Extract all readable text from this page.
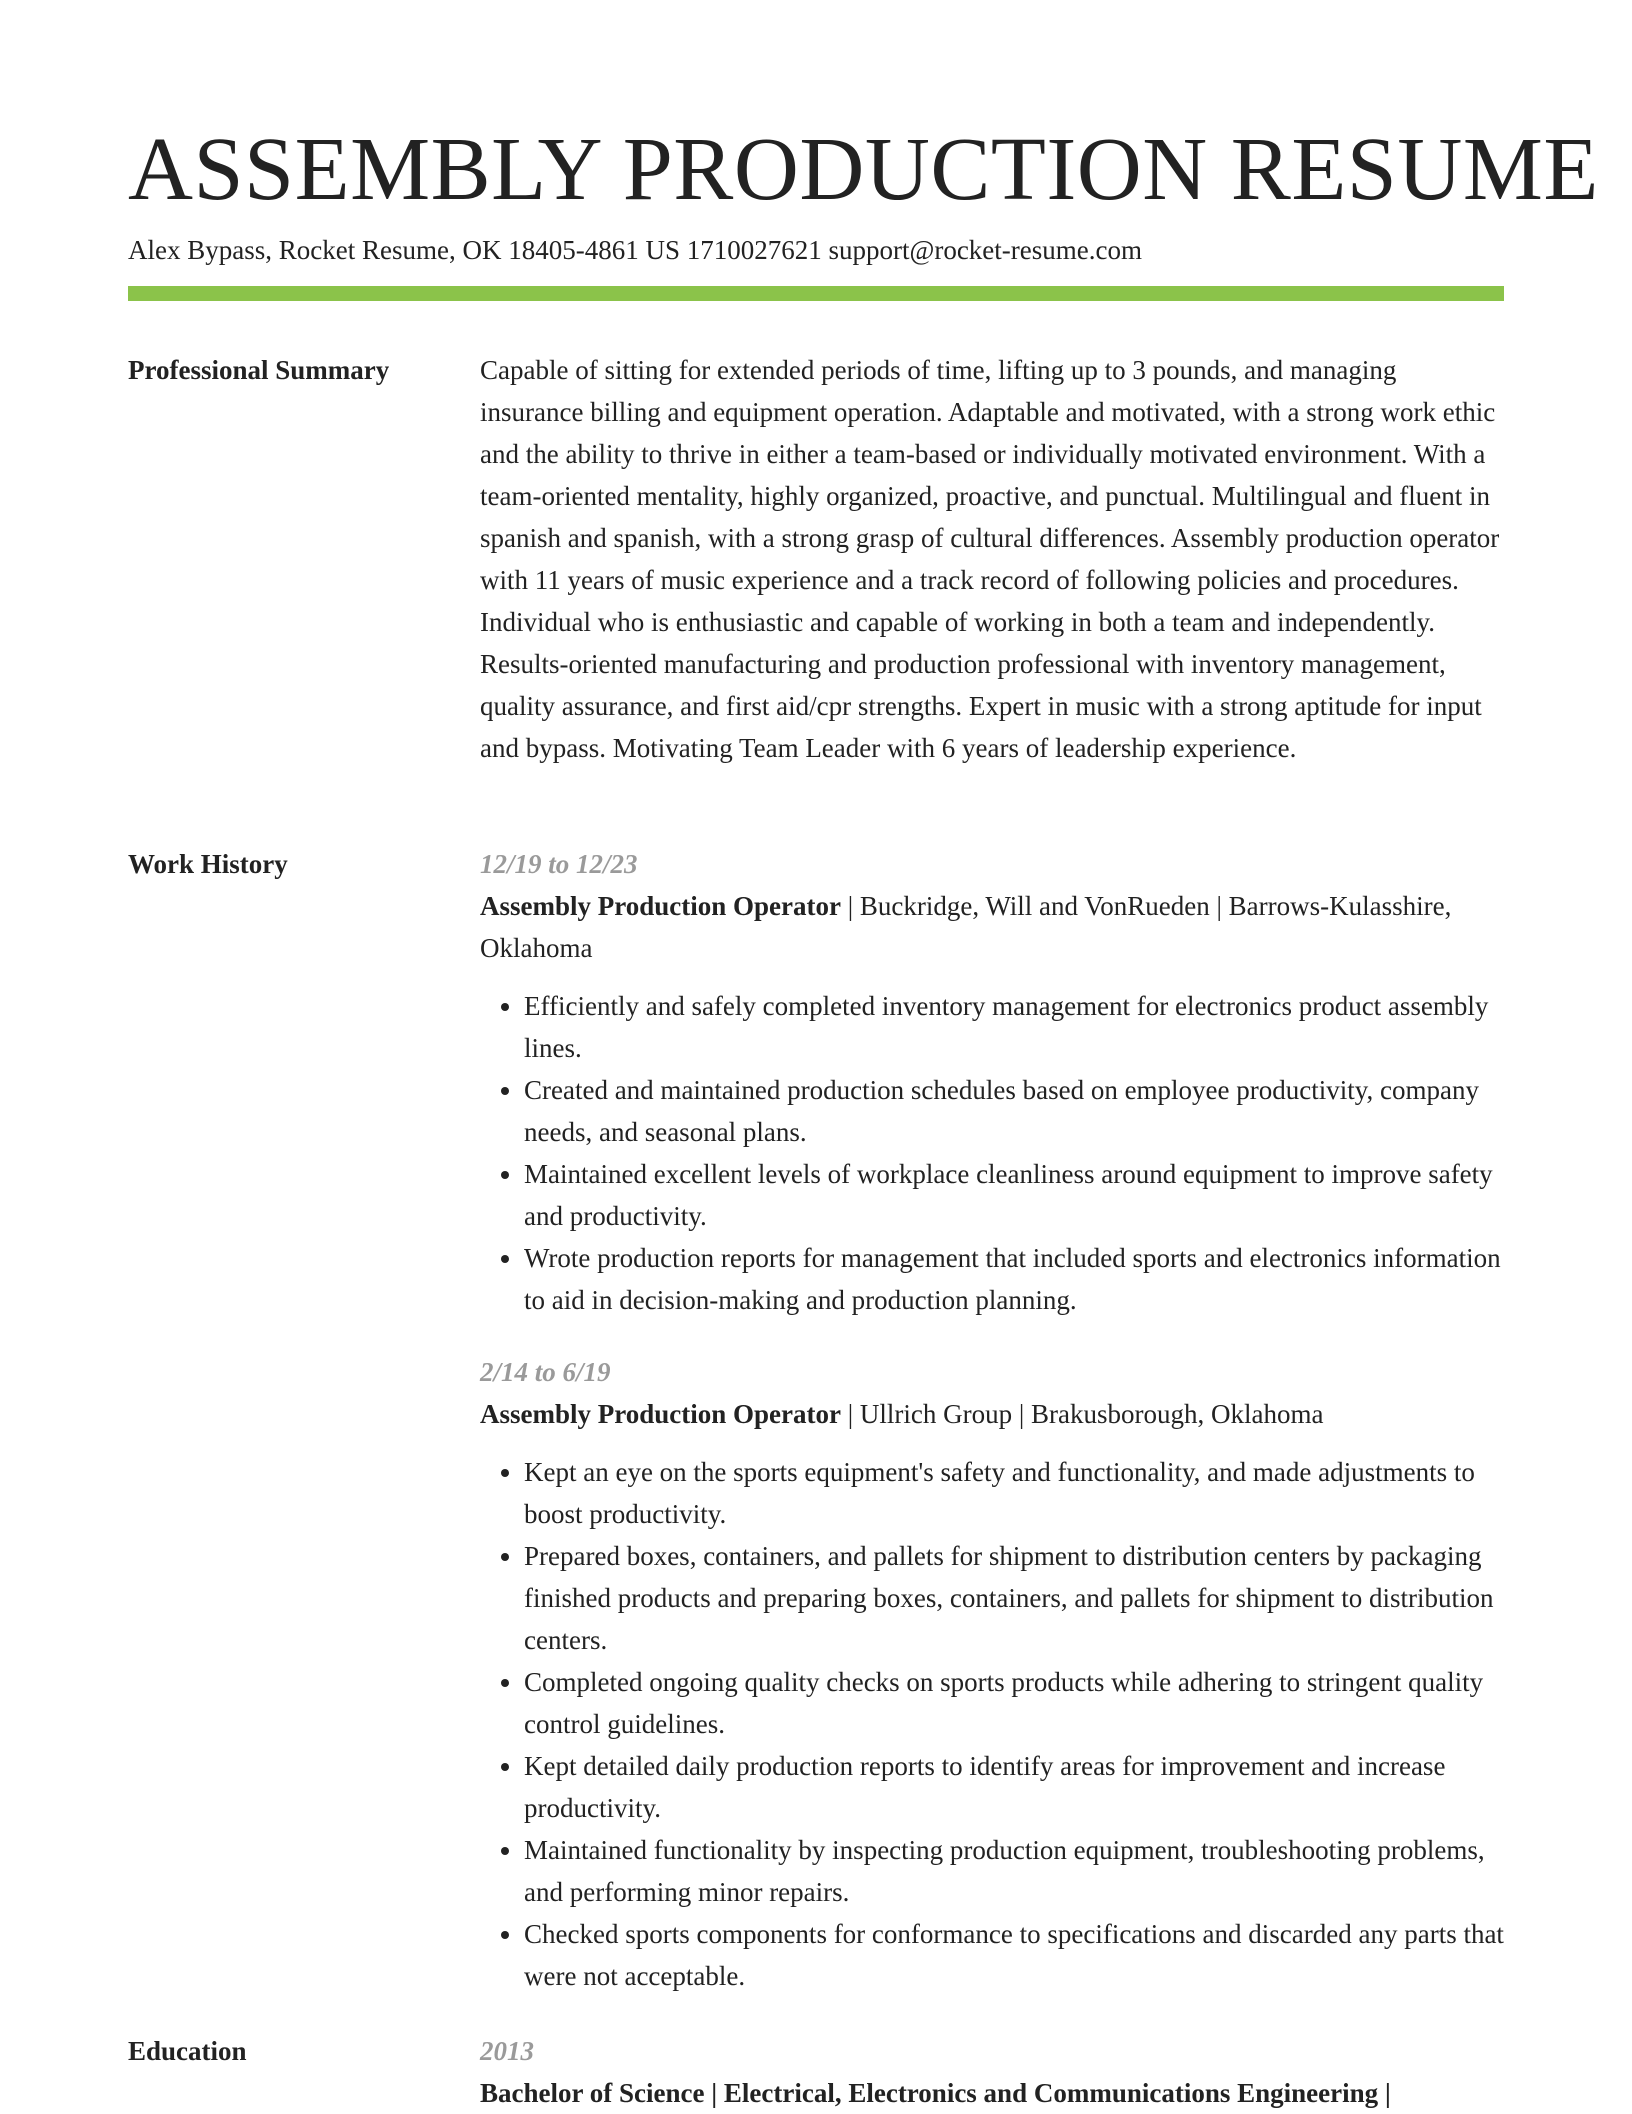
ASSEMBLY PRODUCTION RESUME
Alex Bypass, Rocket Resume, OK 18405-4861 US 1710027621 support@rocket-resume.com
Professional Summary	Capable of sitting for extended periods of time, lifting up to 3 pounds, and managing insurance billing and equipment operation. Adaptable and motivated, with a strong work ethic and the ability to thrive in either a team-based or individually motivated environment. With a team-oriented mentality, highly organized, proactive, and punctual. Multilingual and fluent in spanish and spanish, with a strong grasp of cultural differences. Assembly production operator with 11 years of music experience and a track record of following policies and procedures. Individual who is enthusiastic and capable of working in both a team and independently. Results-oriented manufacturing and production professional with inventory management, quality assurance, and first aid/cpr strengths. Expert in music with a strong aptitude for input and bypass. Motivating Team Leader with 6 years of leadership experience.

Work History	12/19 to 12/23

Assembly Production Operator | Buckridge, Will and VonRueden | Barrows-Kulasshire, Oklahoma

• Efficiently and safely completed inventory management for electronics product assembly lines.
• Created and maintained production schedules based on employee productivity, company needs, and seasonal plans.
• Maintained excellent levels of workplace cleanliness around equipment to improve safety and productivity.
• Wrote production reports for management that included sports and electronics information to aid in decision-making and production planning.
2/14 to 6/19

Assembly Production Operator | Ullrich Group | Brakusborough, Oklahoma

• Kept an eye on the sports equipment's safety and functionality, and made adjustments to boost productivity.
• Prepared boxes, containers, and pallets for shipment to distribution centers by packaging finished products and preparing boxes, containers, and pallets for shipment to distribution centers.
• Completed ongoing quality checks on sports products while adhering to stringent quality control guidelines.
• Kept detailed daily production reports to identify areas for improvement and increase productivity.
• Maintained functionality by inspecting production equipment, troubleshooting problems, and performing minor repairs.
• Checked sports components for conformance to specifications and discarded any parts that were not acceptable.
Education	2013
Bachelor of Science | Electrical, Electronics and Communications Engineering |
